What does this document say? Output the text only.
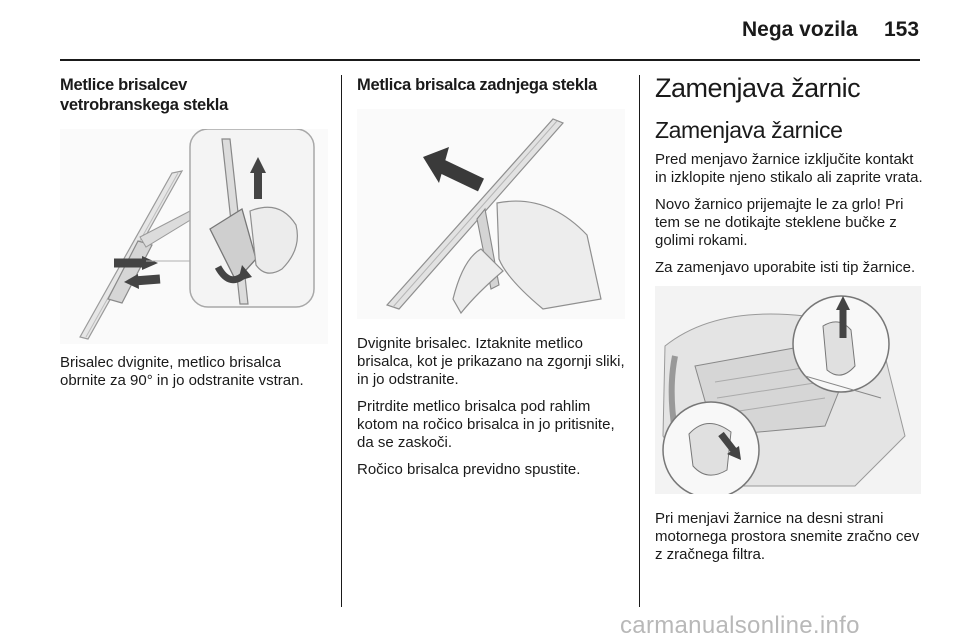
Nega vozila 153
Metlice brisalcev vetrobranskega stekla

Brisalec dvignite, metlico brisalca obrnite za 90° in jo odstranite vstran.

Metlica brisalca zadnjega stekla

Dvignite brisalec. Iztaknite metlico brisalca, kot je prikazano na zgornji sliki, in jo odstranite.

Pritrdite metlico brisalca pod rahlim kotom na ročico brisalca in jo pritisnite, da se zaskoči.

Ročico brisalca previdno spustite.

Zamenjava žarnic
Zamenjava žarnice

Pred menjavo žarnice izključite kontakt in izklopite njeno stikalo ali zaprite vrata.

Novo žarnico prijemajte le za grlo! Pri tem se ne dotikajte steklene bučke z golimi rokami.

Za zamenjavo uporabite isti tip žarnice.

Pri menjavi žarnice na desni strani motornega prostora snemite zračno cev z zračnega filtra.

carmanualsonline.info
